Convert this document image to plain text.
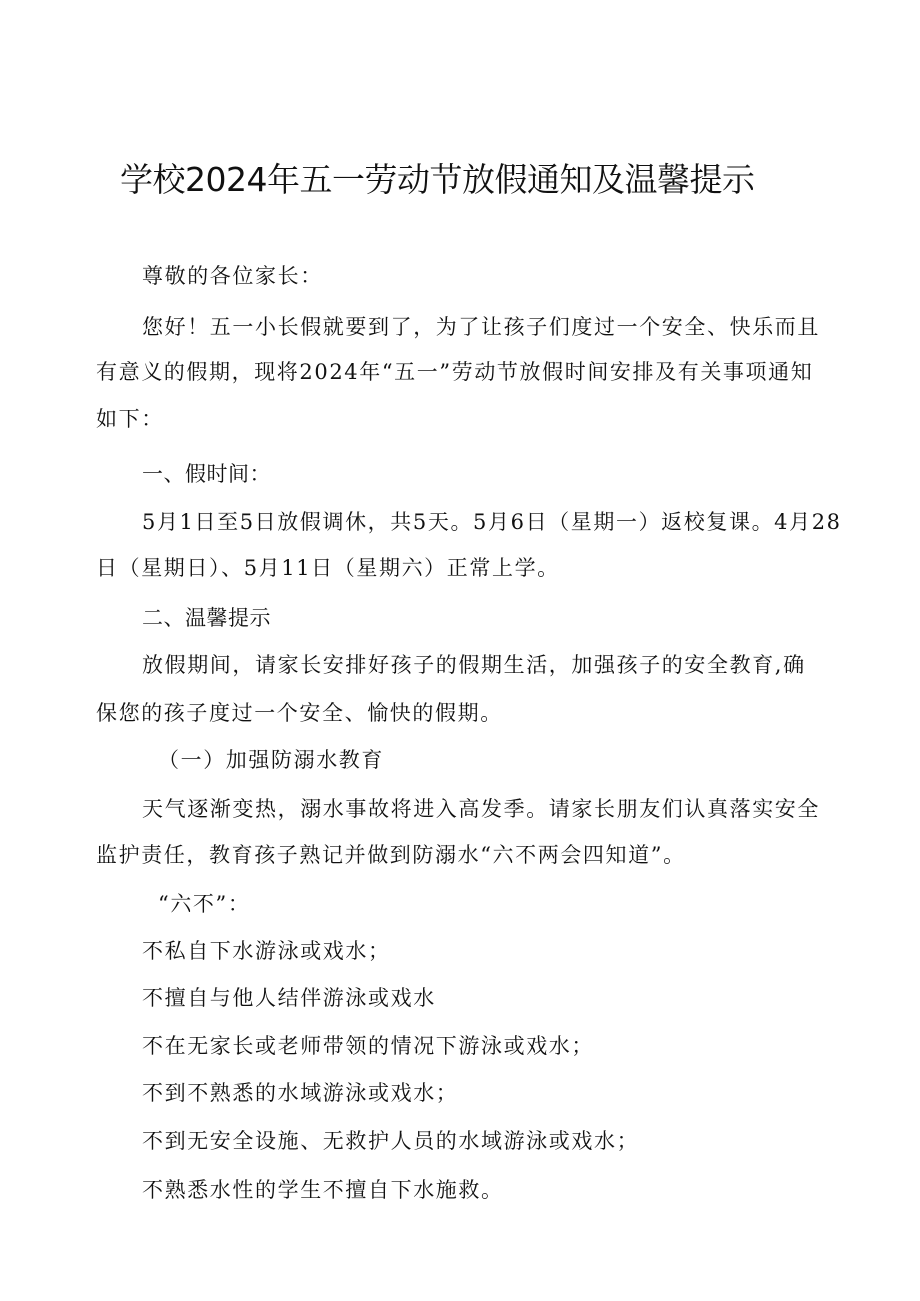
学校2024年五一劳动节放假通知及温馨提示
尊敬的各位家长：
您好！五一小长假就要到了，为了让孩子们度过一个安全、快乐而且
有意义的假期，现将2024年“五一”劳动节放假时间安排及有关事项通知
如下：
一、假时间：
5月1日至5日放假调休，共5天。5月6日（星期一）返校复课。4月28
日（星期日）、5月11日（星期六）正常上学。
二、温馨提示
放假期间，请家长安排好孩子的假期生活，加强孩子的安全教育,确
保您的孩子度过一个安全、愉快的假期。
（一）加强防溺水教育
天气逐渐变热，溺水事故将进入高发季。请家长朋友们认真落实安全
监护责任，教育孩子熟记并做到防溺水“六不两会四知道”。
“六不”：
不私自下水游泳或戏水；
不擅自与他人结伴游泳或戏水
不在无家长或老师带领的情况下游泳或戏水；
不到不熟悉的水域游泳或戏水；
不到无安全设施、无救护人员的水域游泳或戏水；
不熟悉水性的学生不擅自下水施救。
